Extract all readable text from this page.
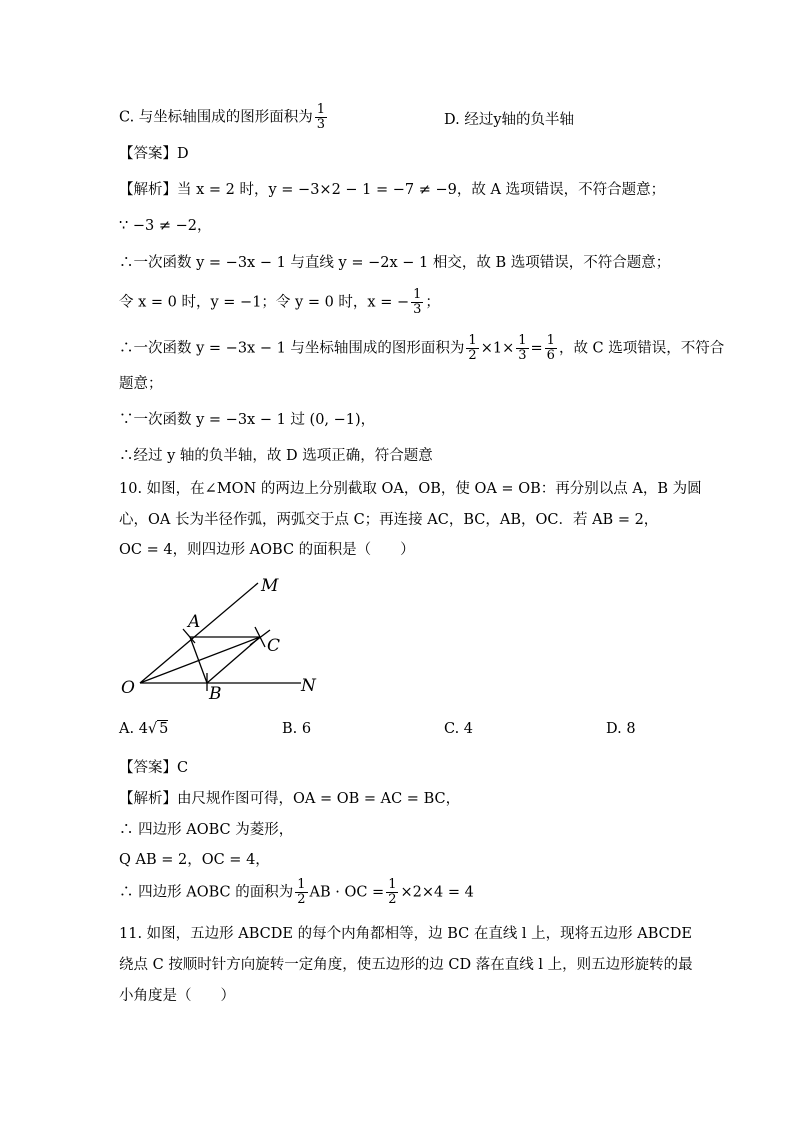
C. 与坐标轴围成的图形面积为 $\frac{1}{3}$	D. 经过y轴的负半轴
【答案】D
【解析】当 x = 2 时，y = −3×2 − 1 = −7 ≠ −9，故 A 选项错误，不符合题意；
∵ −3 ≠ −2，
∴一次函数 y = −3x − 1 与直线 y = −2x − 1 相交，故 B 选项错误，不符合题意；
令 x = 0 时，y = −1；令 y = 0 时，x = − $\frac{1}{3}$ ；
∴一次函数 y = −3x − 1 与坐标轴围成的图形面积为 $\frac{1}{2} \times 1\times \frac{1}{3} = \frac{1}{6}$ ，故 C 选项错误，不符合
题意；
∵一次函数 y = −3x − 1 过 (0, −1)，
∴经过 y 轴的负半轴，故 D 选项正确，符合题意
10. 如图，在∠MON 的两边上分别截取 OA，OB，使 OA = OB：再分别以点 A，B 为圆
心，OA 长为半径作弧，两弧交于点 C；再连接 AC，BC，AB，OC．若 AB = 2，
OC = 4，则四边形 AOBC 的面积是（　　）
M
A
C
O	B	N
A. 4√ 5	B. 6	C. 4	D. 8
【答案】C
【解析】由尺规作图可得，OA = OB = AC = BC，
∴ 四边形 AOBC 为菱形，
Q AB = 2，OC = 4，
∴ 四边形 AOBC 的面积为 $\frac{1}{2}$ AB · OC = $\frac{1}{2} \times 2\times 4 = 4$
11. 如图，五边形 ABCDE 的每个内角都相等，边 BC 在直线 l 上，现将五边形 ABCDE
绕点 C 按顺时针方向旋转一定角度，使五边形的边 CD 落在直线 l 上，则五边形旋转的最
小角度是（　　）
